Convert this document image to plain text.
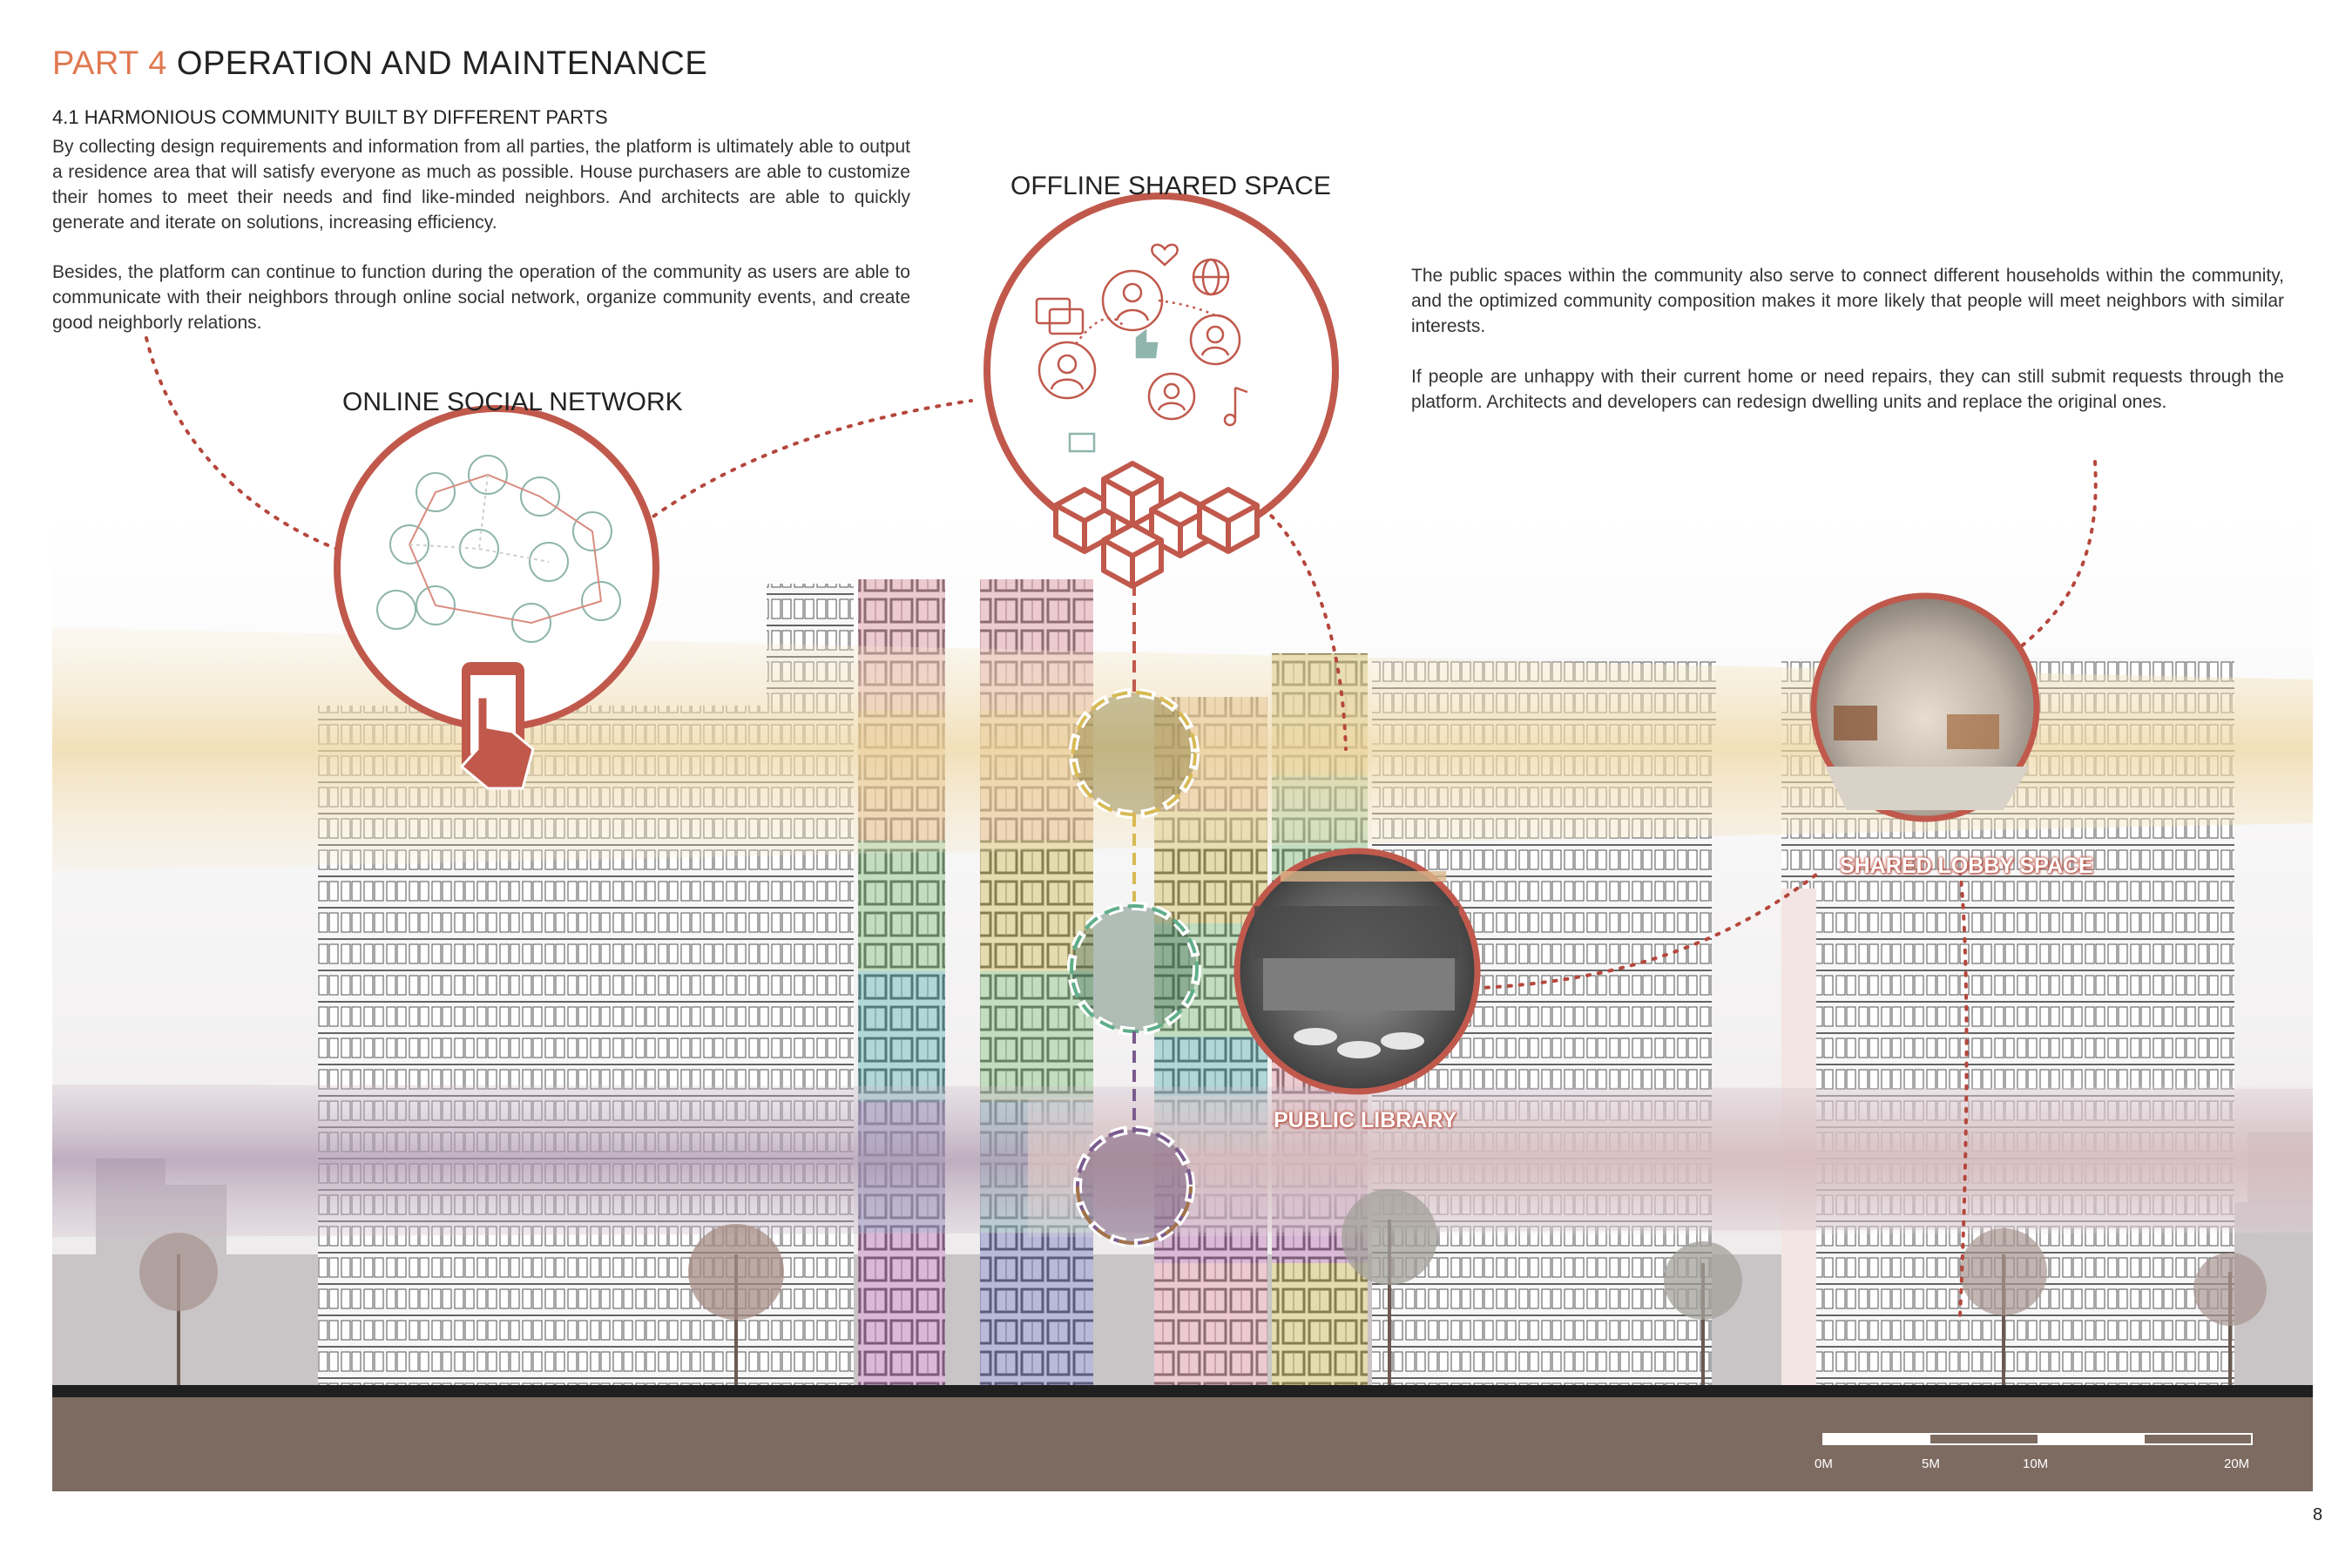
PART 4 OPERATION AND MAINTENANCE
4.1 HARMONIOUS COMMUNITY BUILT BY DIFFERENT PARTS
By collecting design requirements and information from all parties, the platform is ultimately able to output a residence area that will satisfy everyone as much as possible. House purchasers are able to customize their homes to meet their needs and find like-minded neighbors. And architects are able to quickly generate and iterate on solutions, increasing efficiency.
Besides, the platform can continue to function during the operation of the community as users are able to communicate with their neighbors through online social network, organize community events, and create good neighborly relations.
The public spaces within the community also serve to connect different households within the community, and the optimized community composition makes it more likely that people will meet neighbors with similar interests.
If people are unhappy with their current home or need repairs, they can still submit requests through the platform. Architects and developers can redesign dwelling units and replace the original ones.
ONLINE SOCIAL NETWORK
OFFLINE SHARED SPACE
SHARED LOBBY SPACE
PUBLIC LIBRARY
0M	5M	10M	20M
8
